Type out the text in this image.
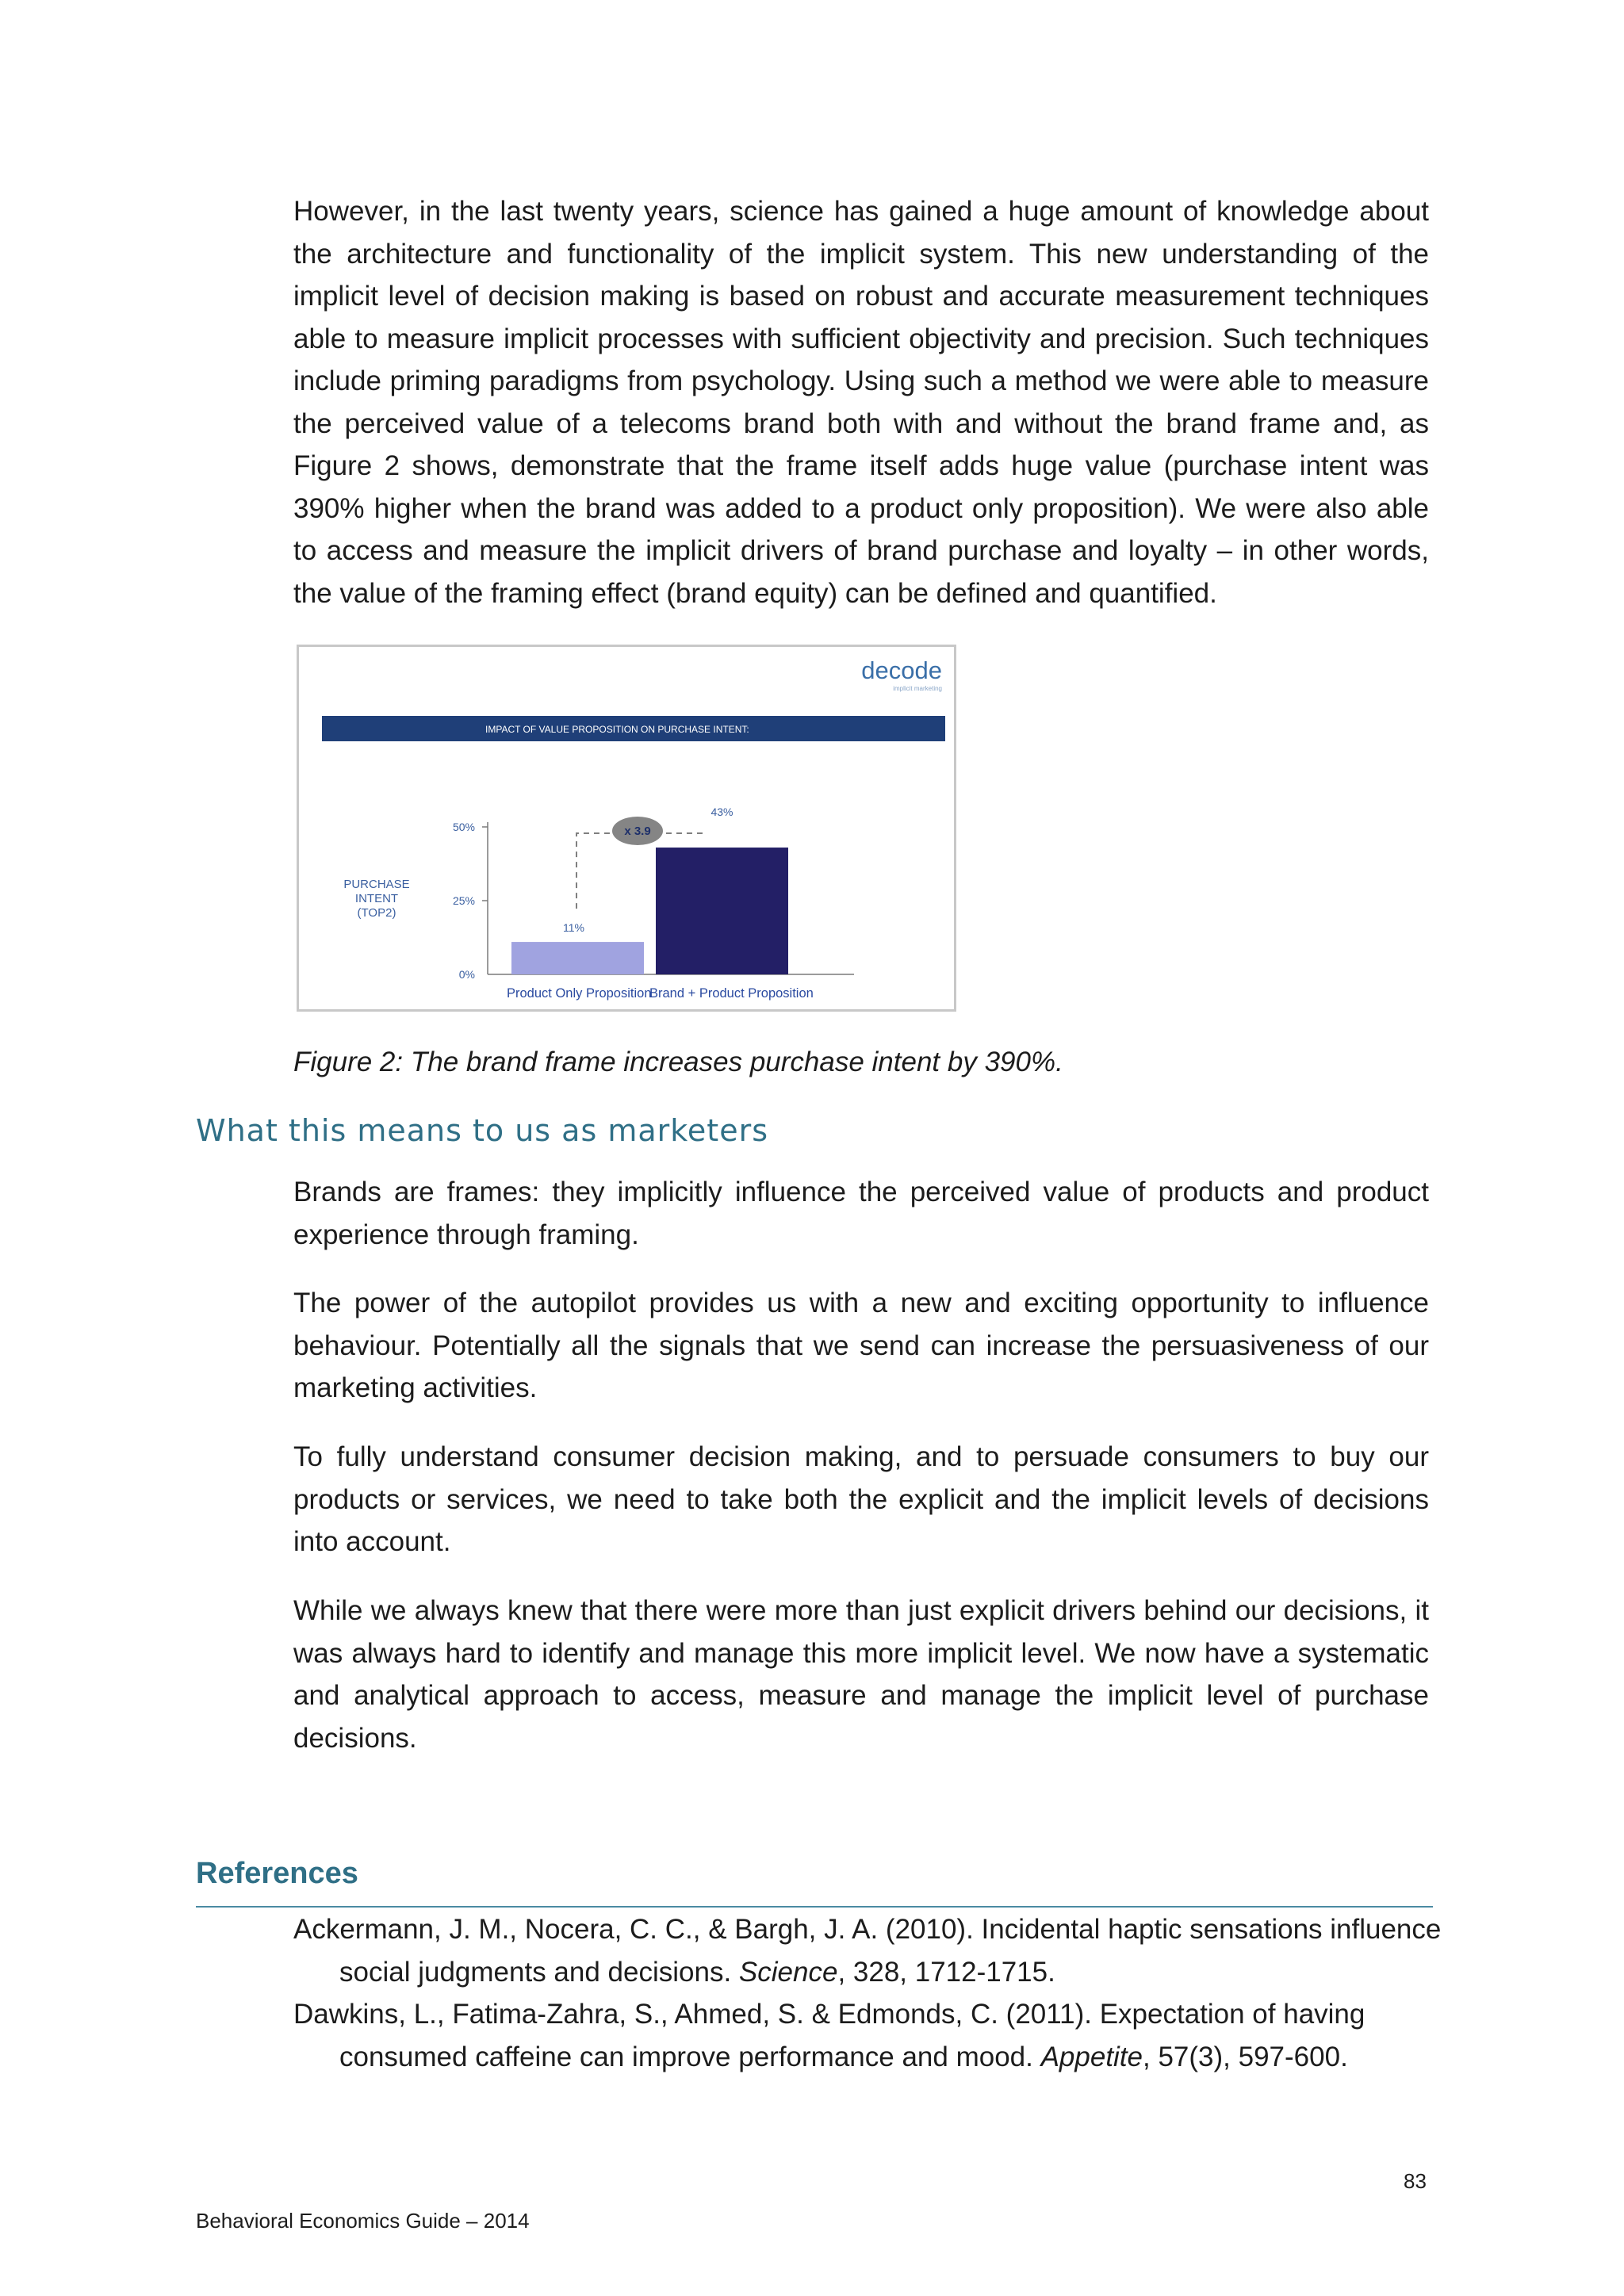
However, in the last twenty years, science has gained a huge amount of knowledge about the architecture and functionality of the implicit system. This new understanding of the implicit level of decision making is based on robust and accurate measurement techniques able to measure implicit processes with sufficient objectivity and precision. Such techniques include priming paradigms from psychology. Using such a method we were able to measure the perceived value of a telecoms brand both with and without the brand frame and, as Figure 2 shows, demonstrate that the frame itself adds huge value (purchase intent was 390% higher when the brand was added to a product only proposition). We were also able to access and measure the implicit drivers of brand purchase and loyalty – in other words, the value of the framing effect (brand equity) can be defined and quantified.

decode
implicit marketing
IMPACT OF VALUE PROPOSITION ON PURCHASE INTENT:
0%
25%
50%
PURCHASE
INTENT
(TOP2)
11%
Product Only Proposition
43%
Brand + Product Proposition
x 3.9

Figure 2: The brand frame increases purchase intent by 390%.

What this means to us as marketers

Brands are frames: they implicitly influence the perceived value of products and product experience through framing.

The power of the autopilot provides us with a new and exciting opportunity to influence behaviour. Potentially all the signals that we send can increase the persuasiveness of our marketing activities.

To fully understand consumer decision making, and to persuade consumers to buy our products or services, we need to take both the explicit and the implicit levels of decisions into account.

While we always knew that there were more than just explicit drivers behind our decisions, it was always hard to identify and manage this more implicit level. We now have a systematic and analytical approach to access, measure and manage the implicit level of purchase decisions.

References

Ackermann, J. M., Nocera, C. C., & Bargh, J. A. (2010). Incidental haptic sensations influence social judgments and decisions. Science, 328, 1712-1715.

Dawkins, L., Fatima-Zahra, S., Ahmed, S. & Edmonds, C. (2011). Expectation of having consumed caffeine can improve performance and mood. Appetite, 57(3), 597-600.

83

Behavioral Economics Guide – 2014
